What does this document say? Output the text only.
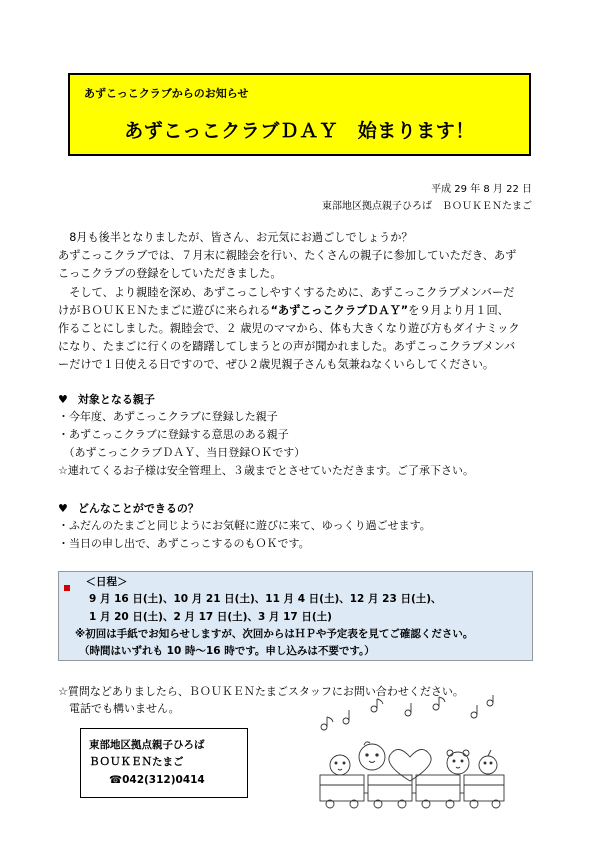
あずこっこクラブからのお知らせ
あずこっこクラブＤＡＹ　始まります！
平成 29 年 8 月 22 日
東部地区拠点親子ひろば　ＢＯＵＫＥＮたまご

　8月も後半となりましたが、皆さん、お元気にお過ごしでしょうか？

あずこっこクラブでは、７月末に親睦会を行い、たくさんの親子に参加していただき、あず

こっこクラブの登録をしていただきました。

　そして、より親睦を深め、あずこっこしやすくするために、あずこっこクラブメンバーだ

けがＢＯＵＫＥＮたまごに遊びに来られる“あずこっこクラブＤＡＹ”を９月より月１回、

作ることにしました。親睦会で、２ 歳児のママから、体も大きくなり遊び方もダイナミック

になり、たまごに行くのを躊躇してしまうとの声が聞かれました。あずこっこクラブメンバ

ーだけで１日使える日ですので、ぜひ２歳児親子さんも気兼ねなくいらしてください。

♥ 対象となる親子
・今年度、あずこっこクラブに登録した親子
・あずこっこクラブに登録する意思のある親子
　（あずこっこクラブＤＡＹ、当日登録ＯＫです）
☆連れてくるお子様は安全管理上、３歳までとさせていただきます。ご了承下さい。
♥ どんなことができるの？
・ふだんのたまごと同じようにお気軽に遊びに来て、ゆっくり過ごせます。
・当日の申し出で、あずこっこするのもＯＫです。
　＜日程＞
9 月 16 日(土)、10 月 21 日(土)、11 月 4 日(土)、12 月 23 日(土)、
1 月 20 日(土)、2 月 17 日(土)、3 月 17 日(土)
※初回は手紙でお知らせしますが、次回からはＨＰや予定表を見てご確認ください。
（時間はいずれも 10 時～16 時です。申し込みは不要です。）
☆質問などありましたら、ＢＯＵＫＥＮたまごスタッフにお問い合わせください。
　電話でも構いません。
東部地区拠点親子ひろば
ＢＯＵＫＥＮたまご
☎042(312)0414
